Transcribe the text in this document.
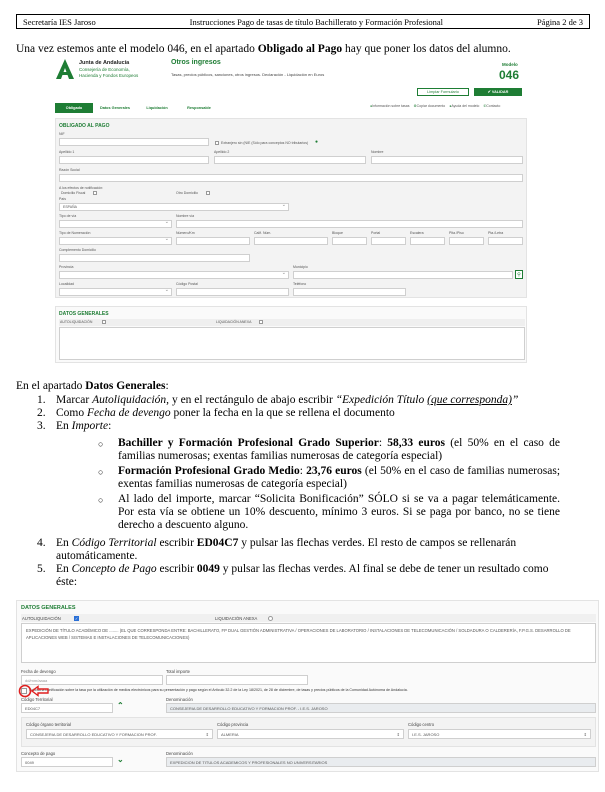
Secretaría IES Jaroso	Instrucciones Pago de tasas de título Bachillerato y Formación Profesional	Página 2 de 3
Una vez estemos ante el modelo 046, en el apartado Obligado al Pago hay que poner los datos del alumno.
Junta de Andalucía
Consejería de Economía,
Hacienda y Fondos Europeos
Otros ingresos
Tasas, precios públicos, sanciones, otros ingresos. Declaración - Liquidación en Euros
Modelo
046
Limpiar Formulario	✔ VALIDAR
Obligado	Datos Generales	Liquidación	Responsable	●Información sobre tasas ⚙Copiar documento ●Ayuda del modelo ✆Contacto
OBLIGADO AL PAGO
NIF
Extranjero sin (NIE (Sólo para conceptos NO tributarios) ●
Apellido 1	Apellido 2	Nombre
Razón Social
A los efectos de notificación:
Domicilio Fiscal	Otro Domicilio
País
ESPAÑA ⌄
Tipo de vía
⌄	Nombre vía
Tipo de Numeración
⌄	Número/Km	Calif. Núm.	Bloque	Portal	Escalera	Plta./Piso	Pta./Letra
Complemento Domicilio
Provincia
⌄	Municipio
⚲
Localidad
⌄	Código Postal	Teléfono
DATOS GENERALES
AUTOLIQUIDACIÓN	LIQUIDACIÓN ANEXA
En el apartado Datos Generales:
1. Marcar Autoliquidación, y en el rectángulo de abajo escribir “Expedición Título (que corresponda)”
2. Como Fecha de devengo poner la fecha en la que se rellena el documento
3. En Importe:
○ Bachiller y Formación Profesional Grado Superior: 58,33 euros (el 50% en el caso de familias numerosas; exentas familias numerosas de categoría especial)
○ Formación Profesional Grado Medio: 23,76 euros (el 50% en el caso de familias numerosas; exentas familias numerosas de categoría especial)
○ Al lado del importe, marcar “Solicita Bonificación” SÓLO si se va a pagar telemáticamente. Por esta vía se obtiene un 10% descuento, mínimo 3 euros. Si se paga por banco, no se tiene derecho a descuento alguno.
4. En Código Territorial escribir ED04C7 y pulsar las flechas verdes. El resto de campos se rellenarán automáticamente.
5. En Concepto de Pago escribir 0049 y pulsar las flechas verdes. Al final se debe de tener un resultado como éste:
DATOS GENERALES
AUTOLIQUIDACIÓN	✓	LIQUIDACIÓN ANEXA
EXPEDICIÓN DE TÍTULO ACADÉMICO DE ........ (EL QUE CORRESPONDA ENTRE: BACHILLERATO, FP DUAL GESTIÓN ADMINISTRATIVA / OPERACIONES DE LABORATORIO / INSTALACIONES DE TELECOMUNICACIÓN / SOLDADURA O CALDERERÍA, F.P.G.S. DESARROLLO DE APLICACIONES WEB / SISTEMAS E INSTALACIONES DE TELECOMUNICACIONES)
Fecha de devengo
dd/mm/aaaa
Total importe
Solicita la bonificación sobre la tasa por la utilización de medios electrónicos para su presentación y pago según el Artículo 32.2 de la Ley 18/2021, de 28 de diciembre, de tasas y precios públicos de la Comunidad Autónoma de Andalucía.
Código Territorial
ED04C7	⌃
Denominación
CONSEJERIA DE DESARROLLO EDUCATIVO Y FORMACION PROF. - I.E.S. JAROSO
Código órgano territorial
CONSEJERIA DE DESARROLLO EDUCATIVO Y FORMACION PROF.	⇕
Código provincia
ALMERIA	⇕
Código centro
I.E.S. JAROSO	⇕
Concepto de pago
0049	⌄
Denominación
EXPEDICION DE TITULOS ACADEMICOS Y PROFESIONALES NO UNIVERSITARIOS
